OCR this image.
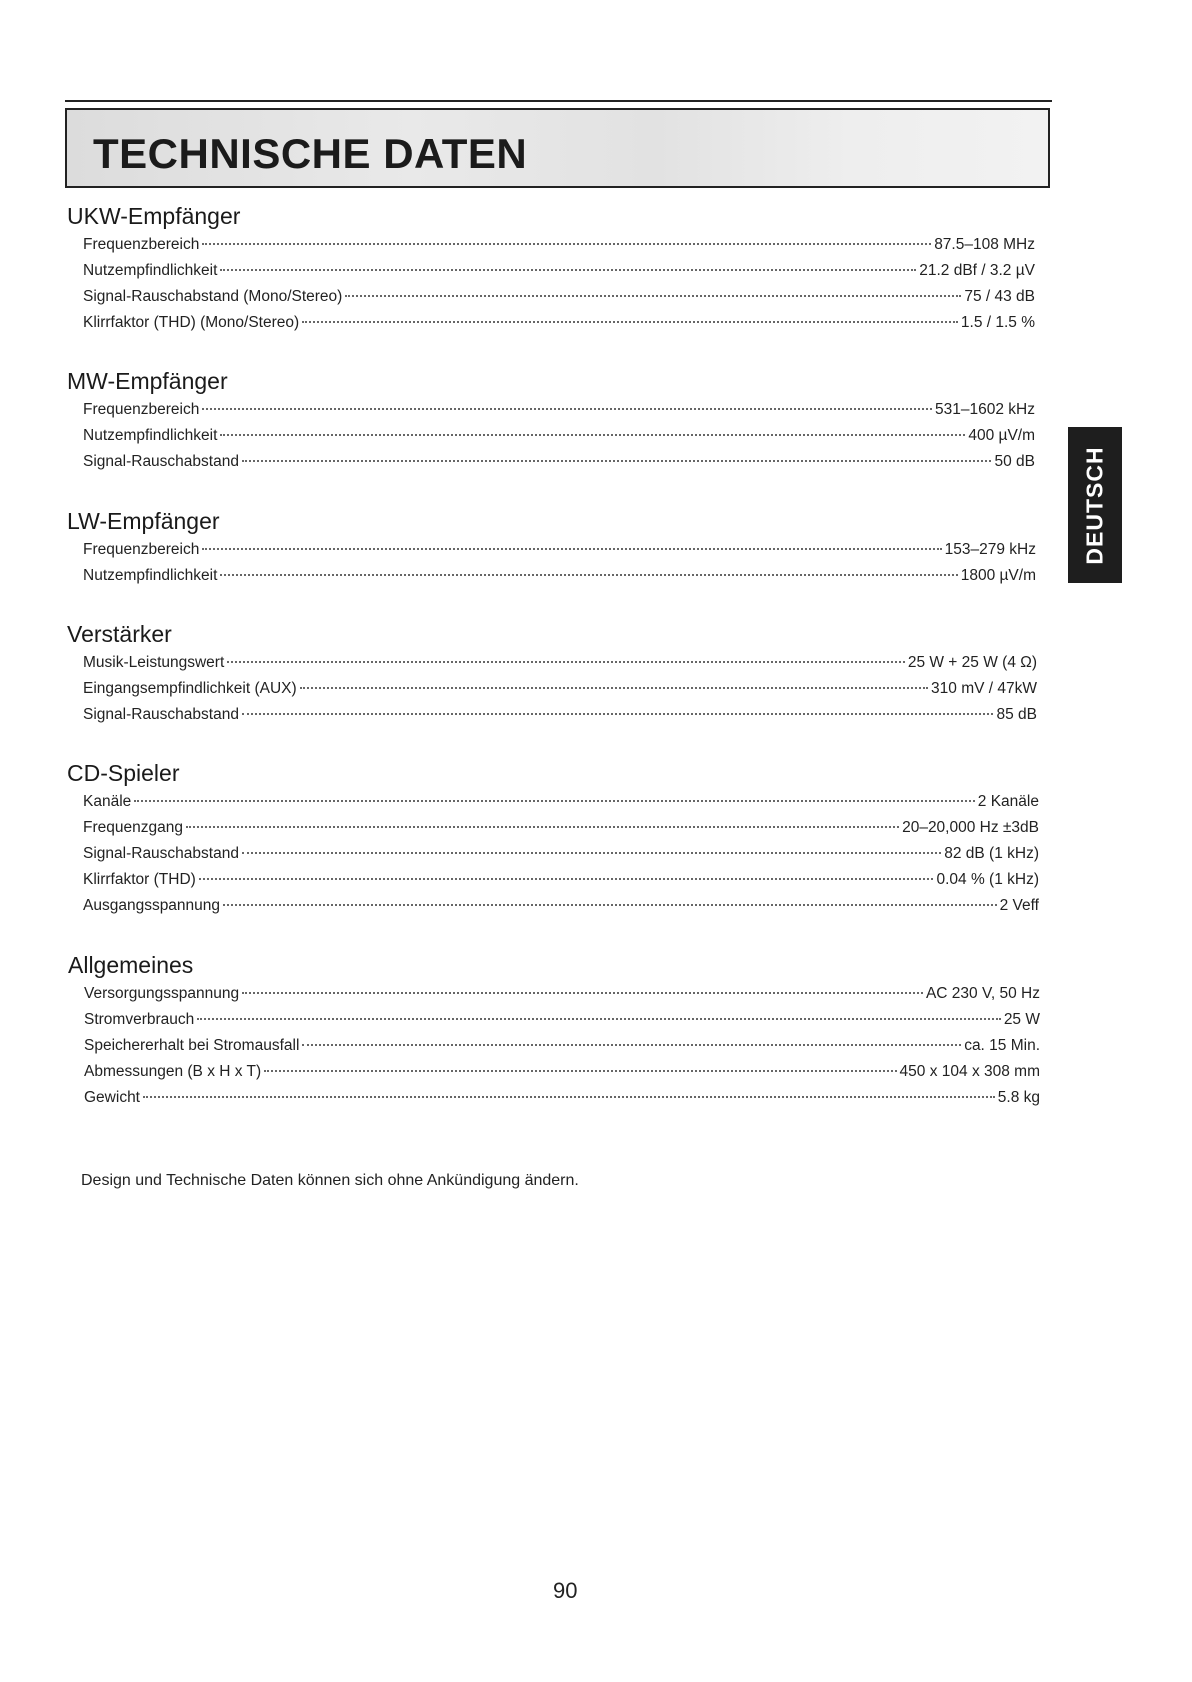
TECHNISCHE DATEN
DEUTSCH
UKW-Empfänger
Frequenzbereich	87.5–108 MHz
Nutzempfindlichkeit	21.2 dBf / 3.2 µV
Signal-Rauschabstand (Mono/Stereo)	75 / 43 dB
Klirrfaktor (THD) (Mono/Stereo)	1.5 / 1.5 %
MW-Empfänger
Frequenzbereich	531–1602 kHz
Nutzempfindlichkeit	400 µV/m
Signal-Rauschabstand	50 dB
LW-Empfänger
Frequenzbereich	153–279 kHz
Nutzempfindlichkeit	1800 µV/m
Verstärker
Musik-Leistungswert	25 W + 25 W (4 Ω)
Eingangsempfindlichkeit (AUX)	310 mV / 47kW
Signal-Rauschabstand	85 dB
CD-Spieler
Kanäle	2 Kanäle
Frequenzgang	20–20,000 Hz ±3dB
Signal-Rauschabstand	82 dB (1 kHz)
Klirrfaktor (THD)	0.04 % (1 kHz)
Ausgangsspannung	2 Veff
Allgemeines
Versorgungsspannung	AC 230 V, 50 Hz
Stromverbrauch	25 W
Speichererhalt bei Stromausfall	ca. 15 Min.
Abmessungen (B x H x T)	450 x 104 x 308 mm
Gewicht	5.8 kg

Design und Technische Daten können sich ohne Ankündigung ändern.

90
